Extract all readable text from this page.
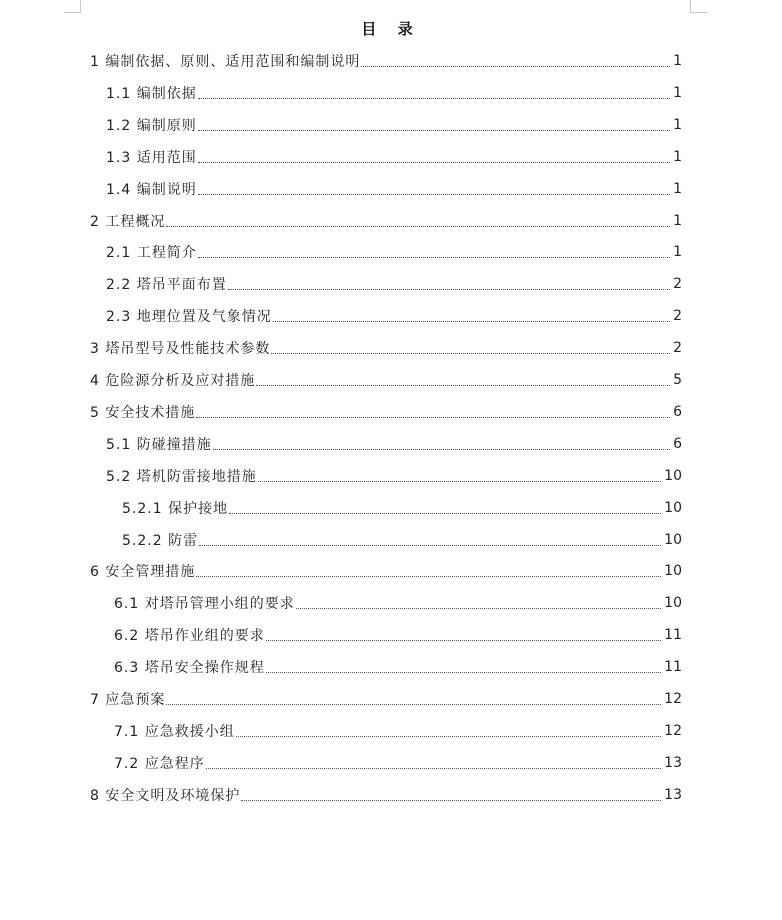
目 录
1 编制依据、原则、适用范围和编制说明	1
1.1 编制依据	1
1.2 编制原则	1
1.3 适用范围	1
1.4 编制说明	1
2 工程概况	1
2.1 工程简介	1
2.2 塔吊平面布置	2
2.3 地理位置及气象情况	2
3 塔吊型号及性能技术参数	2
4 危险源分析及应对措施	5
5 安全技术措施	6
5.1 防碰撞措施	6
5.2 塔机防雷接地措施	10
5.2.1 保护接地	10
5.2.2 防雷	10
6 安全管理措施	10
6.1 对塔吊管理小组的要求	10
6.2 塔吊作业组的要求	11
6.3 塔吊安全操作规程	11
7 应急预案	12
7.1 应急救援小组	12
7.2 应急程序	13
8 安全文明及环境保护	13
